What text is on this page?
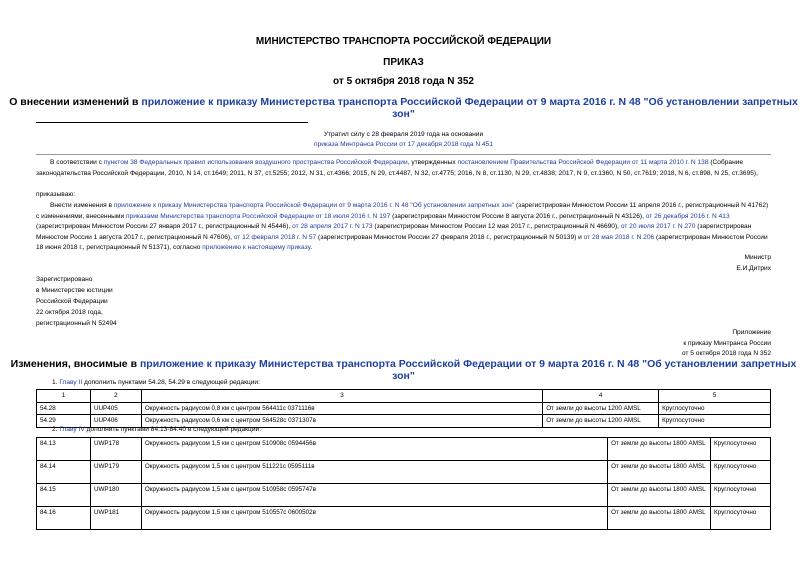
МИНИСТЕРСТВО ТРАНСПОРТА РОССИЙСКОЙ ФЕДЕРАЦИИ
ПРИКАЗ
от 5 октября 2018 года N 352
О внесении изменений в приложение к приказу Министерства транспорта Российской Федерации от 9 марта 2016 г. N 48 "Об установлении запретных зон"
Утратил силу с 28 февраля 2019 года на основании
приказа Минтранса России от 17 декабря 2018 года N 451
В соответствии с пунктом 38 Федеральных правил использования воздушного пространства Российской Федерации, утвержденных постановлением Правительства Российской Федерации от 11 марта 2010 г. N 138 (Собрание законодательства Российской Федерации, 2010, N 14, ст.1649; 2011, N 37, ст.5255; 2012, N 31, ст.4366; 2015, N 29, ст.4487, N 32, ст.4775; 2016, N 8, ст.1130, N 29, ст.4838; 2017, N 9, ст.1360, N 50, ст.7619; 2018, N 6, ст.898, N 25, ст.3695),
приказываю:
Внести изменения в приложение к приказу Министерства транспорта Российской Федерации от 9 марта 2016 г. N 48 "Об установлении запретных зон" (зарегистрирован Минюстом России 11 апреля 2016 г., регистрационный N 41762) с изменениями, внесенными приказами Министерства транспорта Российской Федерации от 18 июля 2016 г. N 197 (зарегистрирован Минюстом России 8 августа 2016 г., регистрационный N 43126), от 26 декабря 2016 г. N 413 (зарегистрирован Минюстом России 27 января 2017 г., регистрационный N 45446), от 28 апреля 2017 г. N 173 (зарегистрирован Минюстом России 12 мая 2017 г., регистрационный N 46690), от 20 июля 2017 г. N 270 (зарегистрирован Минюстом России 1 августа 2017 г., регистрационный N 47606), от 12 февраля 2018 г. N 57 (зарегистрирован Минюстом России 27 февраля 2018 г., регистрационный N 50139) и от 28 мая 2018 г. N 206 (зарегистрирован Минюстом России 18 июня 2018 г., регистрационный N 51371), согласно приложению к настоящему приказу.
Министр
Е.И.Дитрих
Зарегистрировано
в Министерстве юстиции
Российской Федерации
22 октября 2018 года,
регистрационный N 52494
Приложение
к приказу Минтранса России
от 5 октября 2018 года N 352
Изменения, вносимые в приложение к приказу Министерства транспорта Российской Федерации от 9 марта 2016 г. N 48 "Об установлении запретных зон"
1. Главу II дополнить пунктами 54.28, 54.29 в следующей редакции:
1	2	3	4	5
54.28	UUP405	Окружность радиусом 0,8 км с центром 564411с 0371116в	От земли до высоты 1200 AMSL	Круглосуточно
54.29	UUP406	Окружность радиусом 0,6 км с центром 564528с 0371307в	От земли до высоты 1200 AMSL	Круглосуточно
2. Главу IV дополнить пунктами 84.13-84.40 в следующей редакции:
84.13	UWP178	Окружность радиусом 1,5 км с центром 510908с 0594456в	От земли до высоты 1800 AMSL	Круглосуточно
84.14	UWP179	Окружность радиусом 1,5 км с центром 511221с 0595111в	От земли до высоты 1800 AMSL	Круглосуточно
84.15	UWP180	Окружность радиусом 1,5 км с центром 510958с 0595747в	От земли до высоты 1800 AMSL	Круглосуточно
84.16	UWP181	Окружность радиусом 1,5 км с центром 510557с 0600502в	От земли до высоты 1800 AMSL	Круглосуточно
